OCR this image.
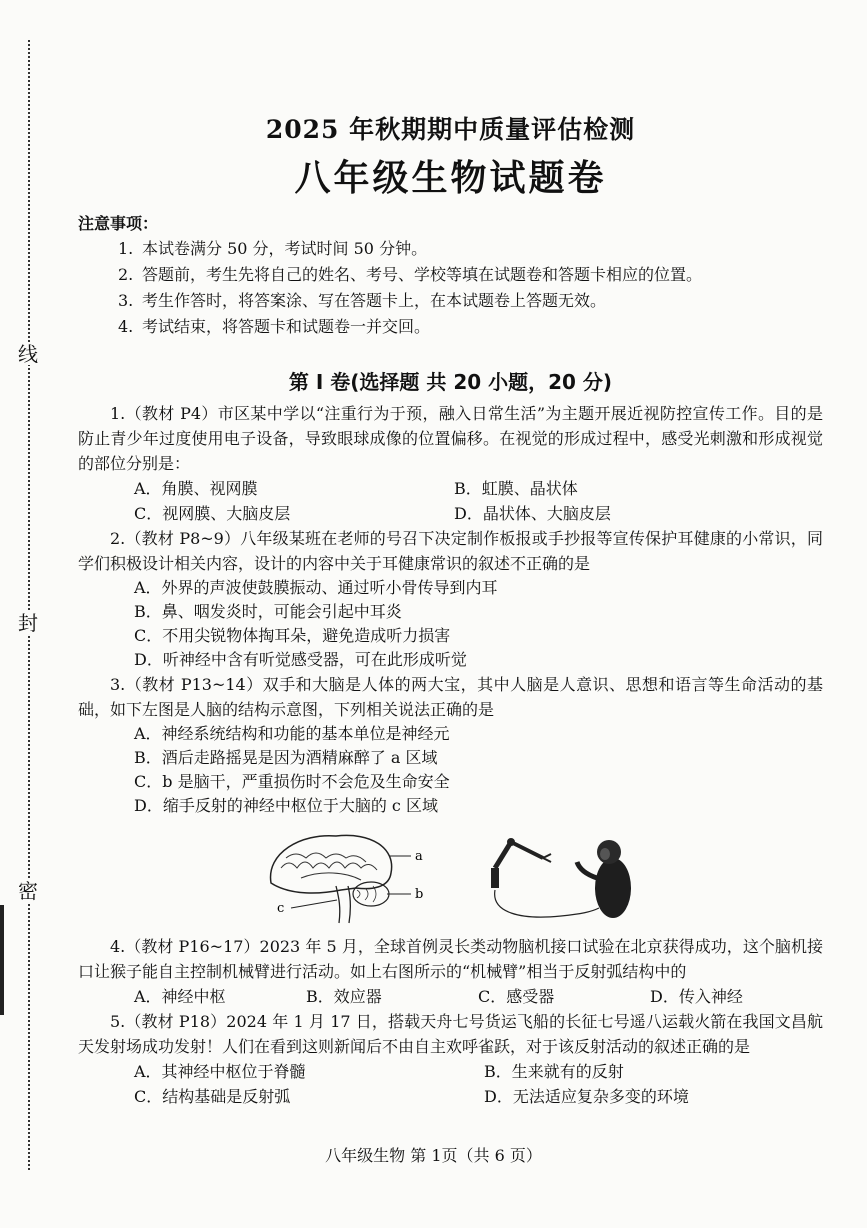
线
封
密
2025 年秋期期中质量评估检测
八年级生物试题卷
注意事项：
1. 本试卷满分 50 分，考试时间 50 分钟。
2. 答题前，考生先将自己的姓名、考号、学校等填在试题卷和答题卡相应的位置。
3. 考生作答时，将答案涂、写在答题卡上，在本试题卷上答题无效。
4. 考试结束，将答题卡和试题卷一并交回。
第 I 卷(选择题 共 20 小题，20 分)

1.（教材 P4）市区某中学以“注重行为于预，融入日常生活”为主题开展近视防控宣传工作。目的是防止青少年过度使用电子设备，导致眼球成像的位置偏移。在视觉的形成过程中，感受光刺激和形成视觉的部位分别是：

A．角膜、视网膜	B．虹膜、晶状体
C．视网膜、大脑皮层	D．晶状体、大脑皮层

2.（教材 P8~9）八年级某班在老师的号召下决定制作板报或手抄报等宣传保护耳健康的小常识，同学们积极设计相关内容，设计的内容中关于耳健康常识的叙述不正确的是

A．外界的声波使鼓膜振动、通过听小骨传导到内耳
B．鼻、咽发炎时，可能会引起中耳炎
C．不用尖锐物体掏耳朵，避免造成听力损害
D．听神经中含有听觉感受器，可在此形成听觉

3.（教材 P13~14）双手和大脑是人体的两大宝，其中人脑是人意识、思想和语言等生命活动的基础，如下左图是人脑的结构示意图，下列相关说法正确的是

A．神经系统结构和功能的基本单位是神经元
B．酒后走路摇晃是因为酒精麻醉了 a 区域
C．b 是脑干，严重损伤时不会危及生命安全
D．缩手反射的神经中枢位于大脑的 c 区域
a
b
c

4.（教材 P16~17）2023 年 5 月，全球首例灵长类动物脑机接口试验在北京获得成功，这个脑机接口让猴子能自主控制机械臂进行活动。如上右图所示的“机械臂”相当于反射弧结构中的

A．神经中枢	B．效应器	C．感受器	D．传入神经

5.（教材 P18）2024 年 1 月 17 日，搭载天舟七号货运飞船的长征七号遥八运载火箭在我国文昌航天发射场成功发射！人们在看到这则新闻后不由自主欢呼雀跃，对于该反射活动的叙述正确的是

A．其神经中枢位于脊髓	B．生来就有的反射
C．结构基础是反射弧	D．无法适应复杂多变的环境
八年级生物 第 1页（共 6 页）
